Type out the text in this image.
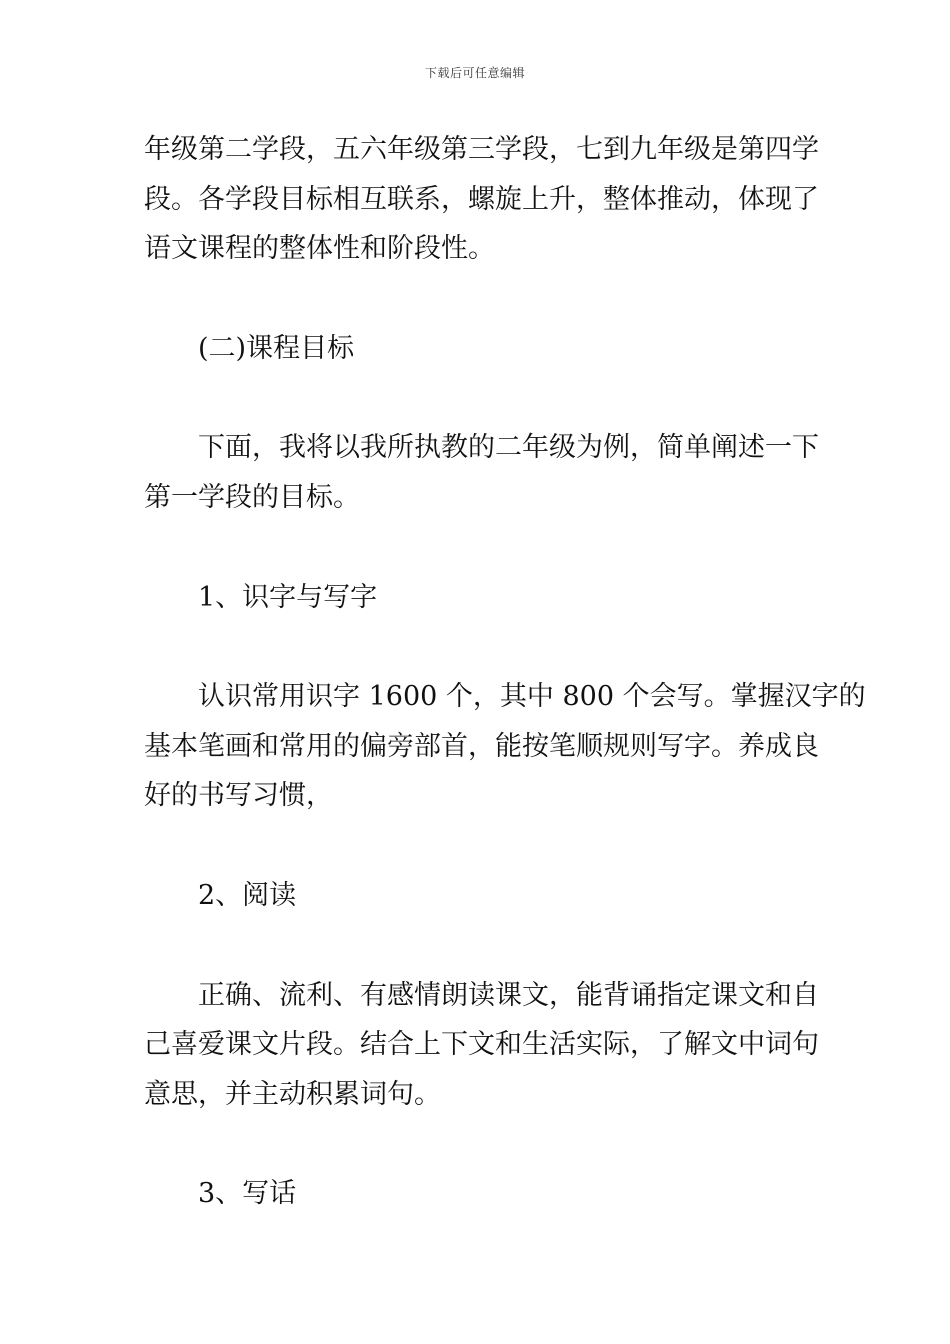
下载后可任意编辑
年级第二学段，五六年级第三学段，七到九年级是第四学
段。各学段目标相互联系，螺旋上升，整体推动，体现了
语文课程的整体性和阶段性。
(二)课程目标
下面，我将以我所执教的二年级为例，简单阐述一下
第一学段的目标。
1、识字与写字
认识常用识字 1600 个，其中 800 个会写。掌握汉字的
基本笔画和常用的偏旁部首，能按笔顺规则写字。养成良
好的书写习惯，
2、阅读
正确、流利、有感情朗读课文，能背诵指定课文和自
己喜爱课文片段。结合上下文和生活实际，了解文中词句
意思，并主动积累词句。
3、写话
